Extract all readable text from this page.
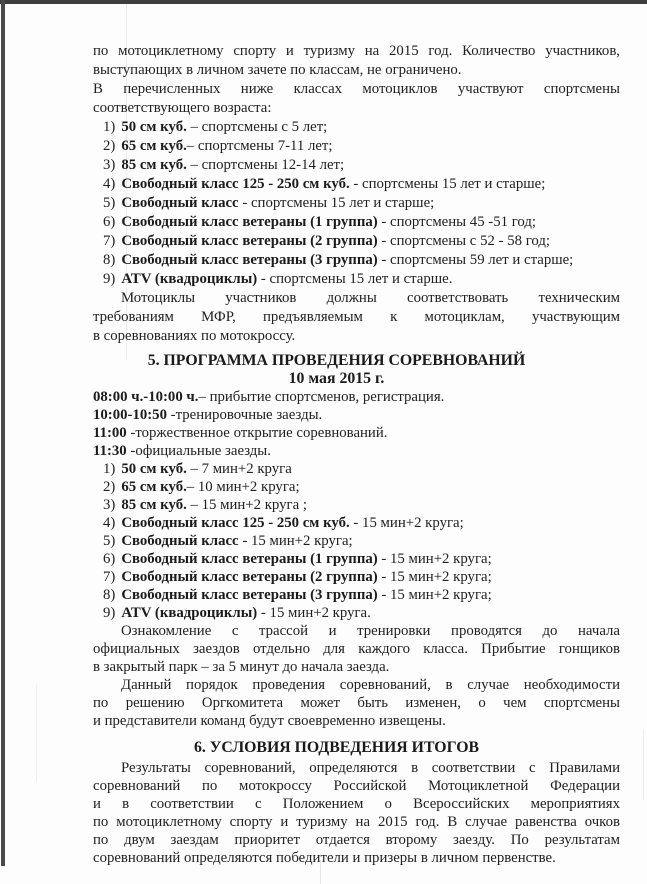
по мотоциклетному спорту и туризму на 2015 год. Количество участников,
выступающих в личном зачете по классам, не ограничено.
В перечисленных ниже классах мотоциклов участвуют спортсмены
соответствующего возраста:
1) 50 см куб. – спортсмены с 5 лет;
2) 65 см куб.– спортсмены 7-11 лет;
3) 85 см куб. – спортсмены 12-14 лет;
4) Свободный класс 125 - 250 см куб. - спортсмены 15 лет и старше;
5) Свободный класс - спортсмены 15 лет и старше;
6) Свободный класс ветераны (1 группа) - спортсмены 45 -51 год;
7) Свободный класс ветераны (2 группа) - спортсмены с 52 - 58 год;
8) Свободный класс ветераны (3 группа) - спортсмены 59 лет и старше;
9) ATV (квадроциклы) - спортсмены 15 лет и старше.
Мотоциклы участников должны соответствовать техническим
требованиям МФР, предъявляемым к мотоциклам, участвующим
в соревнованиях по мотокроссу.
5. ПРОГРАММА ПРОВЕДЕНИЯ СОРЕВНОВАНИЙ
10 мая 2015 г.
08:00 ч.-10:00 ч.– прибытие спортсменов, регистрация.
10:00-10:50 -тренировочные заезды.
11:00 -торжественное открытие соревнований.
11:30 -официальные заезды.
1) 50 см куб. – 7 мин+2 круга
2) 65 см куб.– 10 мин+2 круга;
3) 85 см куб. – 15 мин+2 круга ;
4) Свободный класс 125 - 250 см куб. - 15 мин+2 круга;
5) Свободный класс - 15 мин+2 круга;
6) Свободный класс ветераны (1 группа) - 15 мин+2 круга;
7) Свободный класс ветераны (2 группа) - 15 мин+2 круга;
8) Свободный класс ветераны (3 группа) - 15 мин+2 круга;
9) ATV (квадроциклы) - 15 мин+2 круга.
Ознакомление с трассой и тренировки проводятся до начала
официальных заездов отдельно для каждого класса. Прибытие гонщиков
в закрытый парк – за 5 минут до начала заезда.
Данный порядок проведения соревнований, в случае необходимости
по решению Оргкомитета может быть изменен, о чем спортсмены
и представители команд будут своевременно извещены.
6. УСЛОВИЯ ПОДВЕДЕНИЯ ИТОГОВ
Результаты соревнований, определяются в соответствии с Правилами
соревнований по мотокроссу Российской Мотоциклетной Федерации
и в соответствии с Положением о Всероссийских мероприятиях
по мотоциклетному спорту и туризму на 2015 год. В случае равенства очков
по двум заездам приоритет отдается второму заезду. По результатам
соревнований определяются победители и призеры в личном первенстве.
